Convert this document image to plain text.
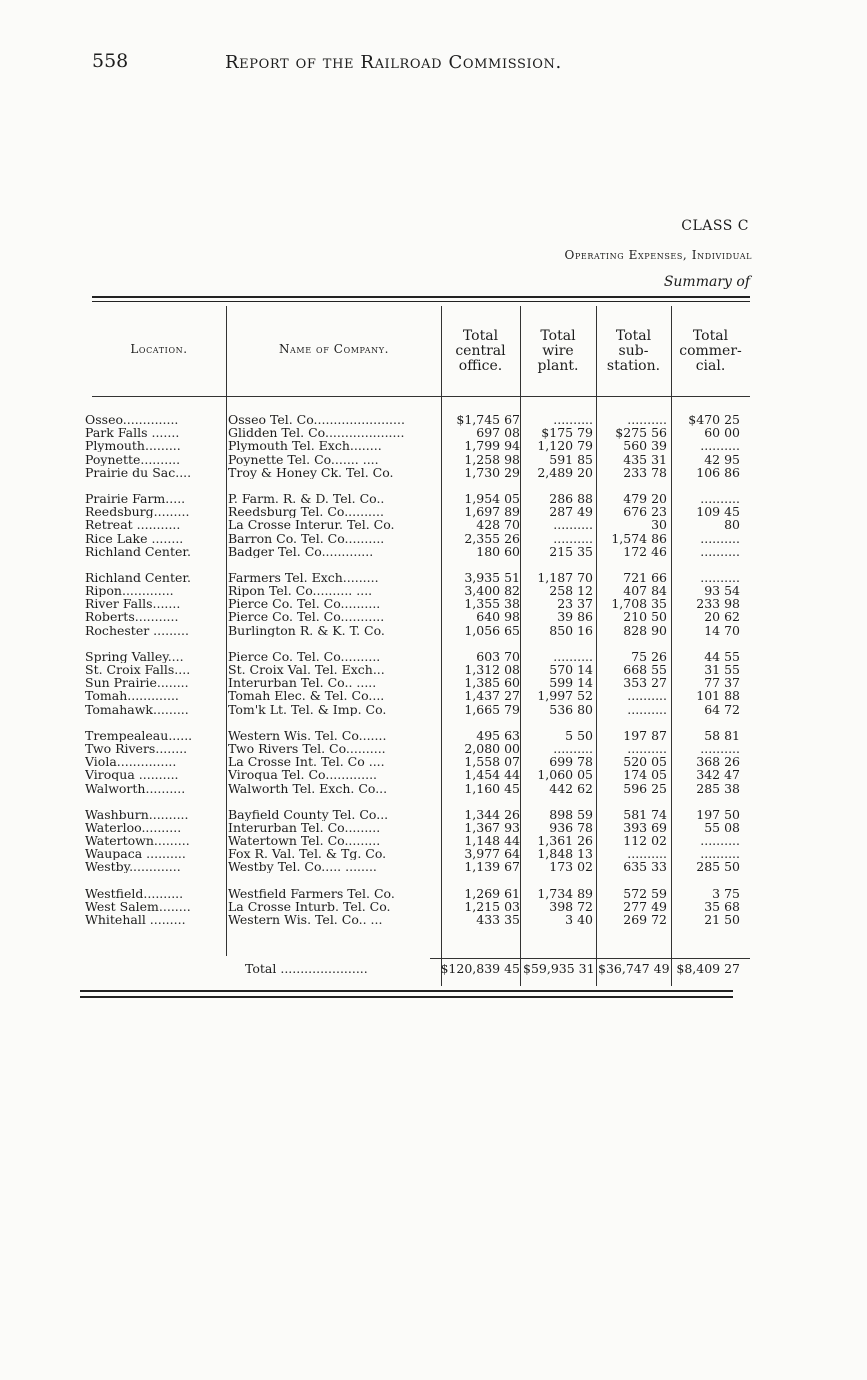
558	Report of the Railroad Commission.
CLASS C
Operating Expenses, Individual
Summary of
Location.	Name of Company.
Total
central
office.
Total
wire
plant.
Total
sub-
station.
Total
commer-
cial.
Osseo..............	Osseo Tel. Co.......................	$1,745 67	..........	..........	$470 25
Park Falls .......	Glidden Tel. Co....................	697 08	$175 79	$275 56	60 00
Plymouth.........	Plymouth Tel. Exch........	1,799 94	1,120 79	560 39	..........
Poynette..........	Poynette Tel. Co....... ....	1,258 98	591 85	435 31	42 95
Prairie du Sac....	Troy & Honey Ck. Tel. Co.	1,730 29	2,489 20	233 78	106 86
Prairie Farm.....	P. Farm. R. & D. Tel. Co..	1,954 05	286 88	479 20	..........
Reedsburg.........	Reedsburg Tel. Co..........	1,697 89	287 49	676 23	109 45
Retreat ...........	La Crosse Interur. Tel. Co.	428 70	..........	30	80
Rice Lake ........	Barron Co. Tel. Co..........	2,355 26	..........	1,574 86	..........
Richland Center.	Badger Tel. Co.............	180 60	215 35	172 46	..........
Richland Center.	Farmers Tel. Exch.........	3,935 51	1,187 70	721 66	..........
Ripon.............	Ripon Tel. Co.......... ....	3,400 82	258 12	407 84	93 54
River Falls.......	Pierce Co. Tel. Co..........	1,355 38	23 37	1,708 35	233 98
Roberts...........	Pierce Co. Tel. Co...........	640 98	39 86	210 50	20 62
Rochester .........	Burlington R. & K. T. Co.	1,056 65	850 16	828 90	14 70
Spring Valley....	Pierce Co. Tel. Co..........	603 70	..........	75 26	44 55
St. Croix Falls....	St. Croix Val. Tel. Exch...	1,312 08	570 14	668 55	31 55
Sun Prairie........	Interurban Tel. Co.. .....	1,385 60	599 14	353 27	77 37
Tomah.............	Tomah Elec. & Tel. Co....	1,437 27	1,997 52	..........	101 88
Tomahawk.........	Tom'k Lt. Tel. & Imp. Co.	1,665 79	536 80	..........	64 72
Trempealeau......	Western Wis. Tel. Co.......	495 63	5 50	197 87	58 81
Two Rivers........	Two Rivers Tel. Co..........	2,080 00	..........	..........	..........
Viola...............	La Crosse Int. Tel. Co ....	1,558 07	699 78	520 05	368 26
Viroqua ..........	Viroqua Tel. Co.............	1,454 44	1,060 05	174 05	342 47
Walworth..........	Walworth Tel. Exch. Co...	1,160 45	442 62	596 25	285 38
Washburn..........	Bayfield County Tel. Co...	1,344 26	898 59	581 74	197 50
Waterloo..........	Interurban Tel. Co.........	1,367 93	936 78	393 69	55 08
Watertown.........	Watertown Tel. Co.........	1,148 44	1,361 26	112 02	..........
Waupaca ..........	Fox R. Val. Tel. & Tg. Co.	3,977 64	1,848 13	..........	..........
Westby.............	Westby Tel. Co..... ........	1,139 67	173 02	635 33	285 50
Westfield..........	Westfield Farmers Tel. Co.	1,269 61	1,734 89	572 59	3 75
West Salem........	La Crosse Inturb. Tel. Co.	1,215 03	398 72	277 49	35 68
Whitehall .........	Western Wis. Tel. Co.. ...	433 35	3 40	269 72	21 50
Total ......................	$120,839 45 $59,935 31 $36,747 49 $8,409 27
